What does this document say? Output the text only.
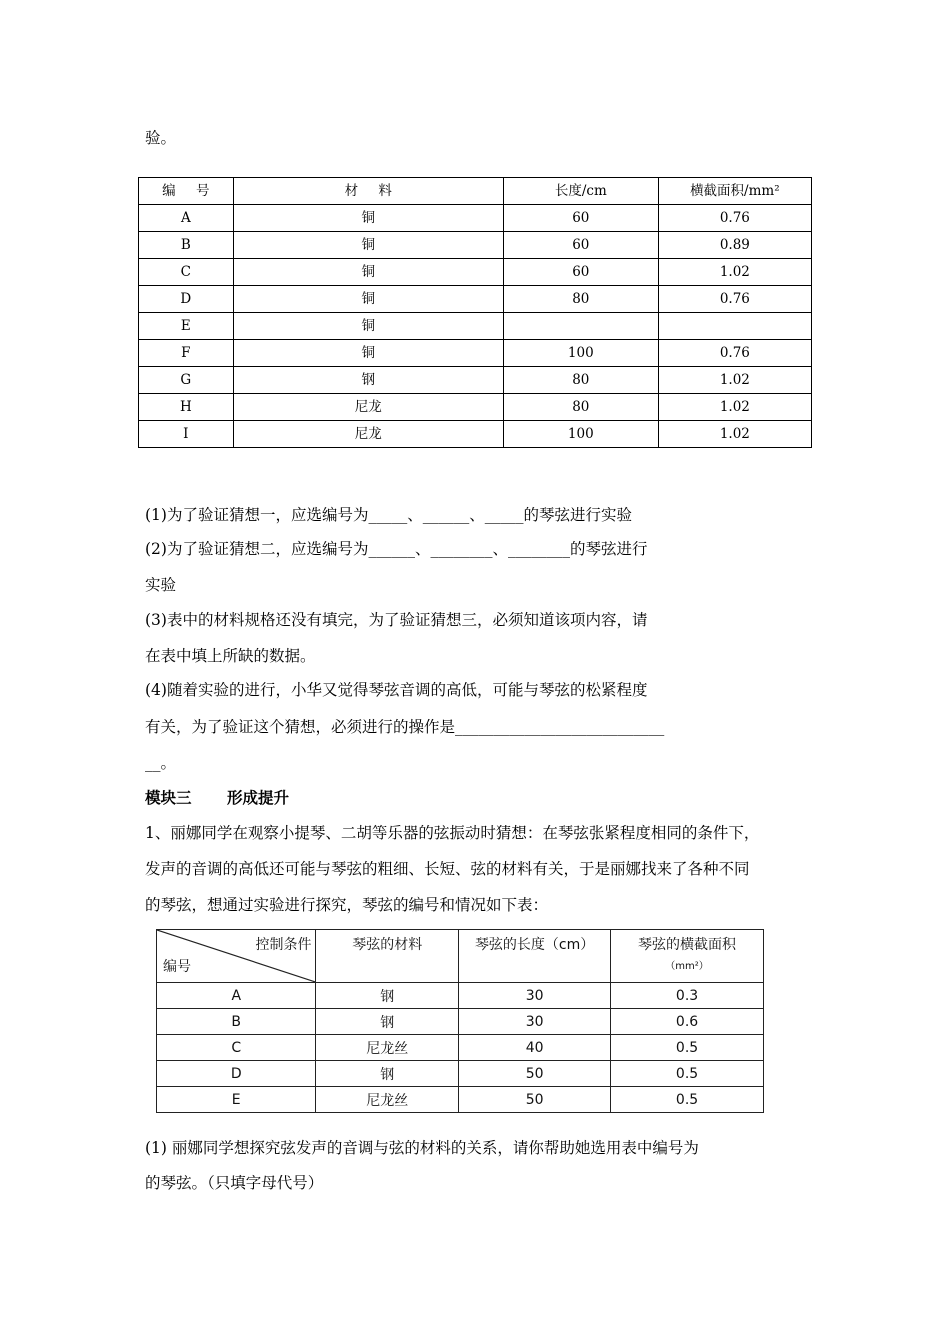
验。
编 号	材 料	长度/cm	横截面积/mm²
A	铜	60	0.76
B	铜	60	0.89
C	铜	60	1.02
D	铜	80	0.76
E	铜		
F	铜	100	0.76
G	钢	80	1.02
H	尼龙	80	1.02
I	尼龙	100	1.02
(1)为了验证猜想一，应选编号为_____、______、_____的琴弦进行实验
(2)为了验证猜想二，应选编号为______、________、________的琴弦进行
实验
(3)表中的材料规格还没有填完，为了验证猜想三，必须知道该项内容，请
在表中填上所缺的数据。
(4)随着实验的进行，小华又觉得琴弦音调的高低，可能与琴弦的松紧程度
有关，为了验证这个猜想，必须进行的操作是___________________________
__。
模块三 形成提升
1、丽娜同学在观察小提琴、二胡等乐器的弦振动时猜想：在琴弦张紧程度相同的条件下，
发声的音调的高低还可能与琴弦的粗细、长短、弦的材料有关，于是丽娜找来了各种不同
的琴弦，想通过实验进行探究，琴弦的编号和情况如下表：
控制条件
编号	琴弦的材料	琴弦的长度（cm）	琴弦的横截面积
（mm²）

A	钢	30	0.3
B	钢	30	0.6
C	尼龙丝	40	0.5
D	钢	50	0.5
E	尼龙丝	50	0.5
(1) 丽娜同学想探究弦发声的音调与弦的材料的关系，请你帮助她选用表中编号为
的琴弦。（只填字母代号）
